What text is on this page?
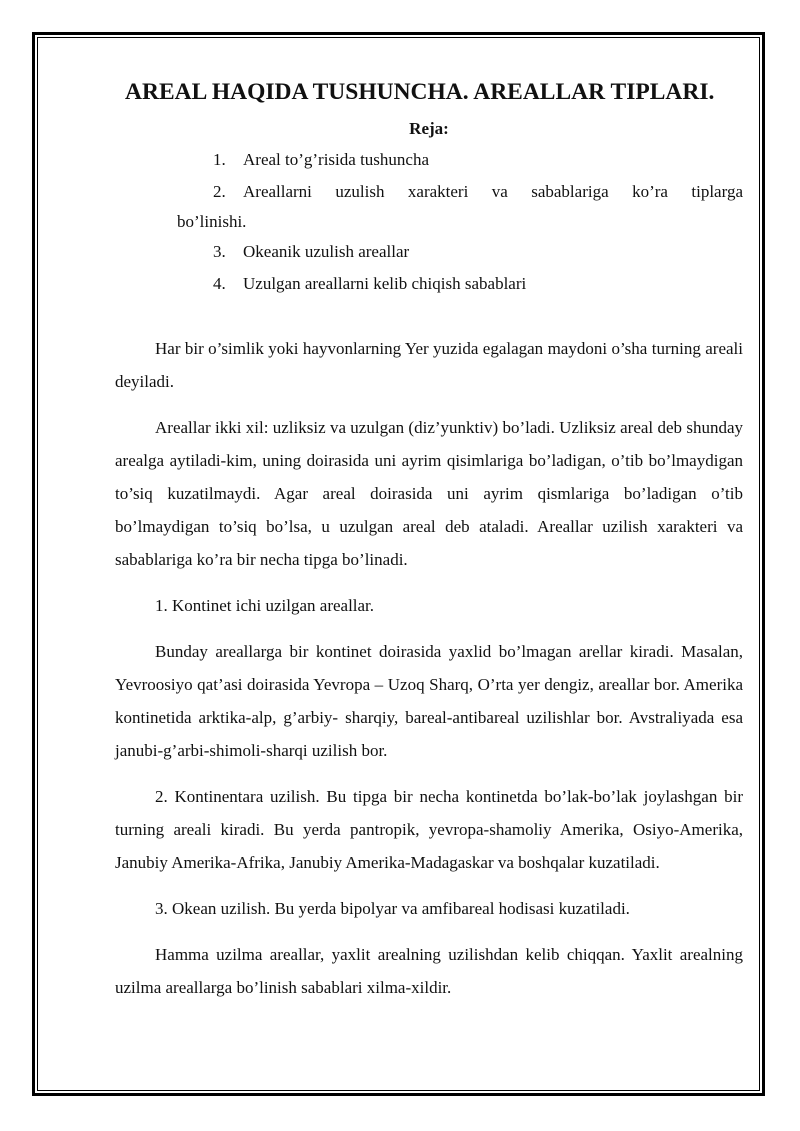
AREAL HAQIDA TUSHUNCHA. AREALLAR TIPLARI.
Reja:
1. Areal to’g’risida tushuncha
2. Areallarni uzulish xarakteri va sabablariga ko’ra tiplarga
bo’linishi.
3. Okeanik uzulish areallar
4. Uzulgan areallarni kelib chiqish sabablari

Har bir o’simlik yoki hayvonlarning Yer yuzida egalagan maydoni o’sha turning areali deyiladi.

Areallar ikki xil: uzliksiz va uzulgan (diz’yunktiv) bo’ladi. Uzliksiz areal deb shunday arealga aytiladi-kim, uning doirasida uni ayrim qisimlariga bo’ladigan, o’tib bo’lmaydigan to’siq kuzatilmaydi. Agar areal doirasida uni ayrim qismlariga bo’ladigan o’tib bo’lmaydigan to’siq bo’lsa, u uzulgan areal deb ataladi. Areallar uzilish xarakteri va sabablariga ko’ra bir necha tipga bo’linadi.

1. Kontinet ichi uzilgan areallar.

Bunday areallarga bir kontinet doirasida yaxlid bo’lmagan arellar kiradi. Masalan, Yevroosiyo qat’asi doirasida Yevropa – Uzoq Sharq, O’rta yer dengiz, areallar bor. Amerika kontinetida arktika-alp, g’arbiy- sharqiy, bareal-antibareal uzilishlar bor. Avstraliyada esa janubi-g’arbi-shimoli-sharqi uzilish bor.

2. Kontinentara uzilish. Bu tipga bir necha kontinetda bo’lak-bo’lak joylashgan bir turning areali kiradi. Bu yerda pantropik, yevropa-shamoliy Amerika, Osiyo-Amerika, Janubiy Amerika-Afrika, Janubiy Amerika-Madagaskar va boshqalar kuzatiladi.

3. Okean uzilish. Bu yerda bipolyar va amfibareal hodisasi kuzatiladi.

Hamma uzilma areallar, yaxlit arealning uzilishdan kelib chiqqan. Yaxlit arealning uzilma areallarga bo’linish sabablari xilma-xildir.
